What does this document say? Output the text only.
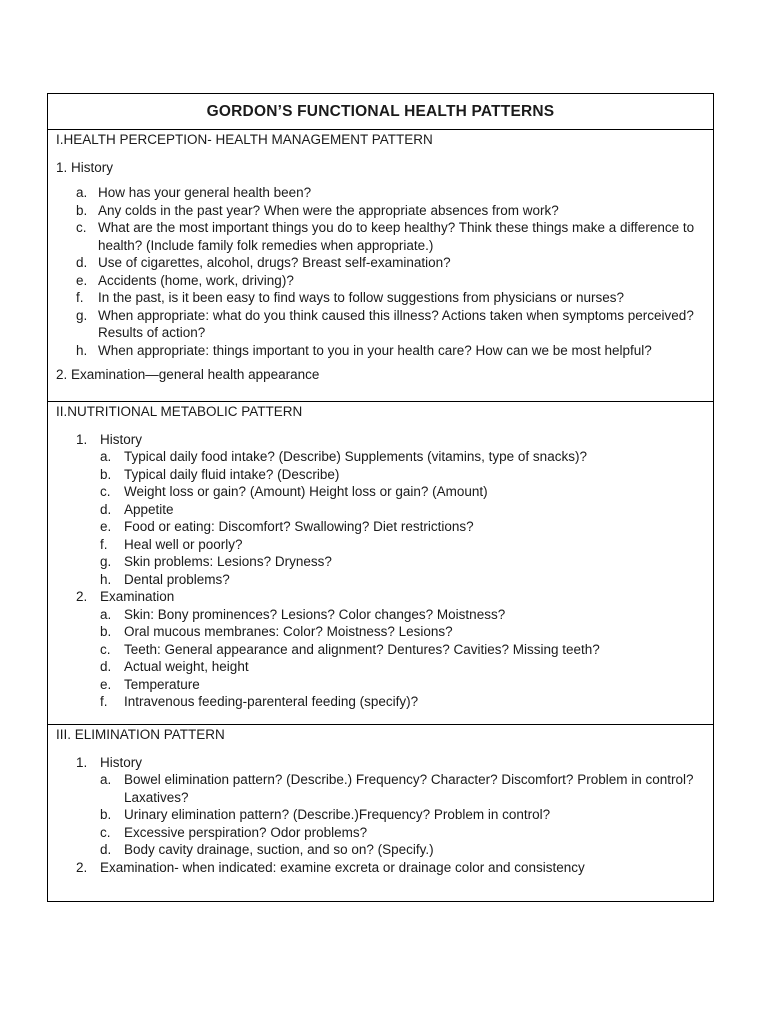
GORDON’S FUNCTIONAL HEALTH PATTERNS
I.HEALTH PERCEPTION- HEALTH MANAGEMENT PATTERN
1. History
a. How has your general health been?
b. Any colds in the past year? When were the appropriate absences from work?
c. What are the most important things you do to keep healthy? Think these things make a difference to health? (Include family folk remedies when appropriate.)
d. Use of cigarettes, alcohol, drugs? Breast self-examination?
e. Accidents (home, work, driving)?
f.	In the past, is it been easy to find ways to follow suggestions from physicians or nurses?
g. When appropriate: what do you think caused this illness? Actions taken when symptoms perceived? Results of action?
h. When appropriate: things important to you in your health care? How can we be most helpful?
2. Examination—general health appearance
II.NUTRITIONAL METABOLIC PATTERN
1. History
a. Typical daily food intake? (Describe) Supplements (vitamins, type of snacks)?
b. Typical daily fluid intake? (Describe)
c. Weight loss or gain? (Amount) Height loss or gain? (Amount)
d. Appetite
e. Food or eating: Discomfort? Swallowing? Diet restrictions?
f.	Heal well or poorly?
g. Skin problems: Lesions? Dryness?
h. Dental problems?
2. Examination
a. Skin: Bony prominences? Lesions? Color changes? Moistness?
b. Oral mucous membranes: Color? Moistness? Lesions?
c. Teeth: General appearance and alignment? Dentures? Cavities? Missing teeth?
d. Actual weight, height
e. Temperature
f.	Intravenous feeding-parenteral feeding (specify)?
III. ELIMINATION PATTERN
1. History
a. Bowel elimination pattern? (Describe.) Frequency? Character? Discomfort? Problem in control? Laxatives?
b. Urinary elimination pattern? (Describe.)Frequency? Problem in control?
c. Excessive perspiration? Odor problems?
d. Body cavity drainage, suction, and so on? (Specify.)
2. Examination- when indicated: examine excreta or drainage color and consistency
